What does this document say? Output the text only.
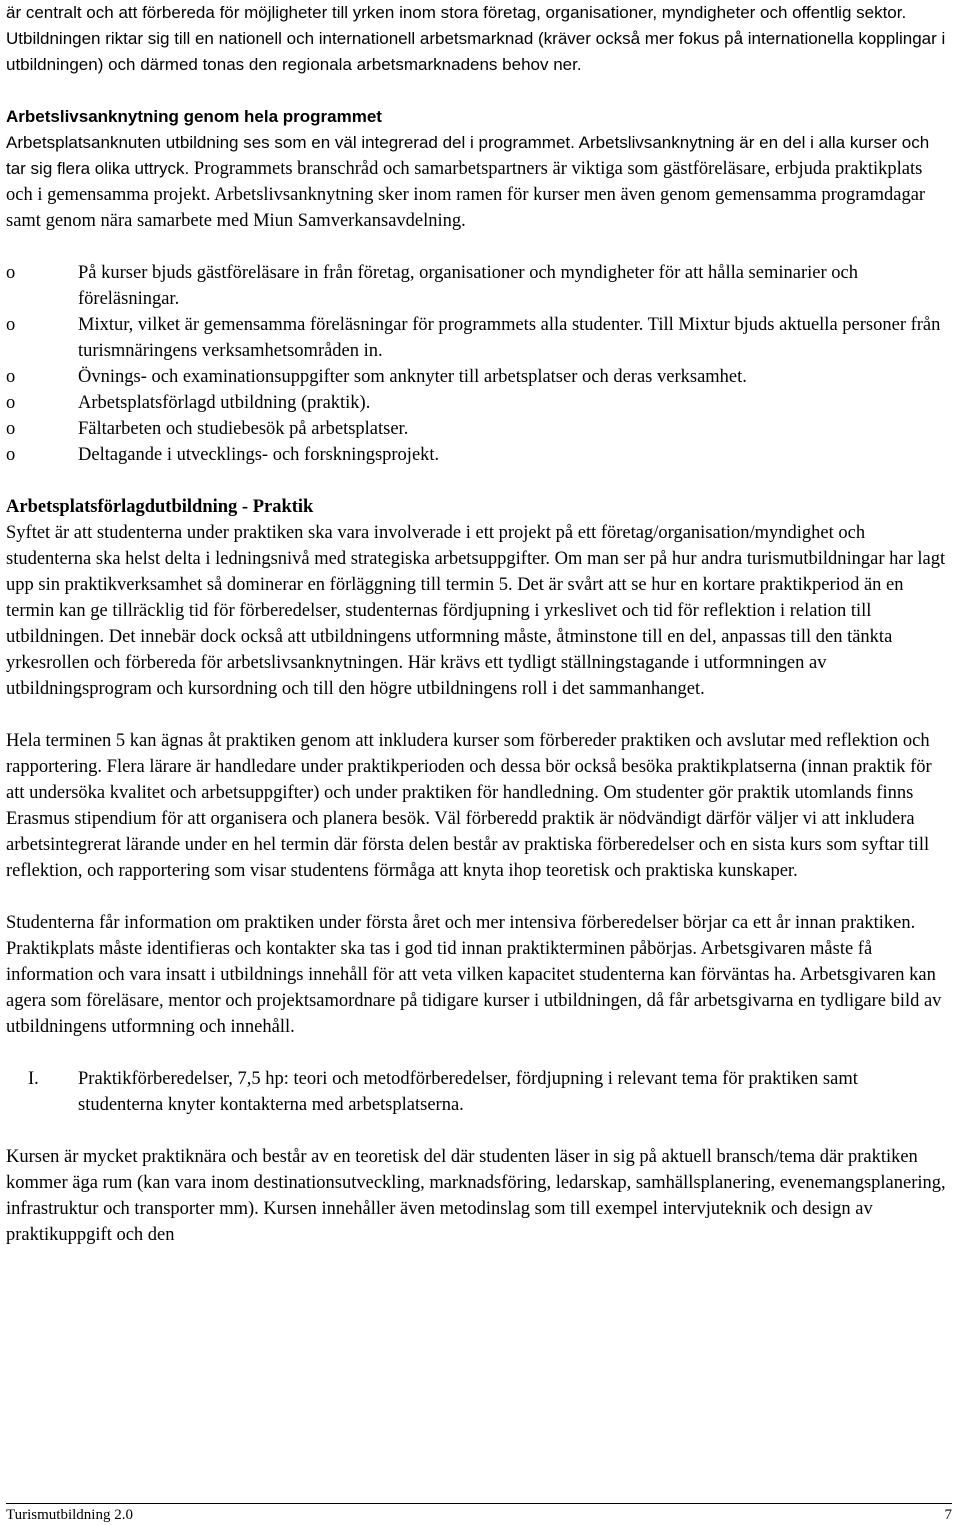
är centralt och att förbereda för möjligheter till yrken inom stora företag, organisationer, myndigheter och offentlig sektor. Utbildningen riktar sig till en nationell och internationell arbetsmarknad (kräver också mer fokus på internationella kopplingar i utbildningen) och därmed tonas den regionala arbetsmarknadens behov ner.

Arbetslivsanknytning genom hela programmet

Arbetsplatsanknuten utbildning ses som en väl integrerad del i programmet. Arbetslivsanknytning är en del i alla kurser och tar sig flera olika uttryck. Programmets branschråd och samarbetspartners är viktiga som gästföreläsare, erbjuda praktikplats och i gemensamma projekt. Arbetslivsanknytning sker inom ramen för kurser men även genom gemensamma programdagar samt genom nära samarbete med Miun Samverkansavdelning.

o	På kurser bjuds gästföreläsare in från företag, organisationer och myndigheter för att hålla seminarier och föreläsningar.
o	Mixtur, vilket är gemensamma föreläsningar för programmets alla studenter. Till Mixtur bjuds aktuella personer från turismnäringens verksamhetsområden in.
o	Övnings- och examinationsuppgifter som anknyter till arbetsplatser och deras verksamhet.
o	Arbetsplatsförlagd utbildning (praktik).
o	Fältarbeten och studiebesök på arbetsplatser.
o	Deltagande i utvecklings- och forskningsprojekt.
Arbetsplatsförlagdutbildning - Praktik

Syftet är att studenterna under praktiken ska vara involverade i ett projekt på ett företag/organisation/myndighet och studenterna ska helst delta i ledningsnivå med strategiska arbetsuppgifter. Om man ser på hur andra turismutbildningar har lagt upp sin praktikverksamhet så dominerar en förläggning till termin 5. Det är svårt att se hur en kortare praktikperiod än en termin kan ge tillräcklig tid för förberedelser, studenternas fördjupning i yrkeslivet och tid för reflektion i relation till utbildningen. Det innebär dock också att utbildningens utformning måste, åtminstone till en del, anpassas till den tänkta yrkesrollen och förbereda för arbetslivsanknytningen. Här krävs ett tydligt ställningstagande i utformningen av utbildningsprogram och kursordning och till den högre utbildningens roll i det sammanhanget.

Hela terminen 5 kan ägnas åt praktiken genom att inkludera kurser som förbereder praktiken och avslutar med reflektion och rapportering. Flera lärare är handledare under praktikperioden och dessa bör också besöka praktikplatserna (innan praktik för att undersöka kvalitet och arbetsuppgifter) och under praktiken för handledning. Om studenter gör praktik utomlands finns Erasmus stipendium för att organisera och planera besök. Väl förberedd praktik är nödvändigt därför väljer vi att inkludera arbetsintegrerat lärande under en hel termin där första delen består av praktiska förberedelser och en sista kurs som syftar till reflektion, och rapportering som visar studentens förmåga att knyta ihop teoretisk och praktiska kunskaper.

Studenterna får information om praktiken under första året och mer intensiva förberedelser börjar ca ett år innan praktiken. Praktikplats måste identifieras och kontakter ska tas i god tid innan praktikterminen påbörjas. Arbetsgivaren måste få information och vara insatt i utbildnings innehåll för att veta vilken kapacitet studenterna kan förväntas ha. Arbetsgivaren kan agera som föreläsare, mentor och projektsamordnare på tidigare kurser i utbildningen, då får arbetsgivarna en tydligare bild av utbildningens utformning och innehåll.

I.	Praktikförberedelser, 7,5 hp: teori och metodförberedelser, fördjupning i relevant tema för praktiken samt studenterna knyter kontakterna med arbetsplatserna.

Kursen är mycket praktiknära och består av en teoretisk del där studenten läser in sig på aktuell bransch/tema där praktiken kommer äga rum (kan vara inom destinationsutveckling, marknadsföring, ledarskap, samhällsplanering, evenemangsplanering, infrastruktur och transporter mm). Kursen innehåller även metodinslag som till exempel intervjuteknik och design av praktikuppgift och den

Turismutbildning 2.0	7
